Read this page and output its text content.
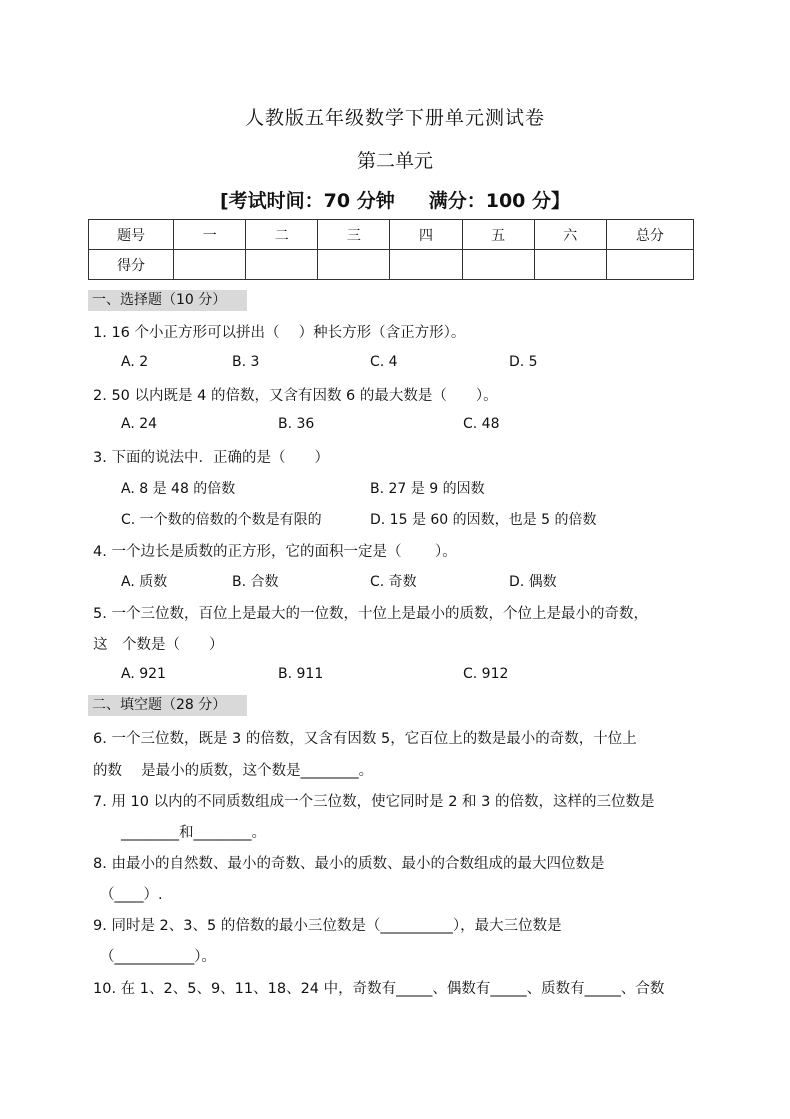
人教版五年级数学下册单元测试卷
第二单元
[考试时间：70 分钟 满分：100 分】
题号	一	二	三	四	五	六	总分
得分							
一、选择题（10 分）
1. 16 个小正方形可以拼出（　 ）种长方形（含正方形）。
A. 2	B. 3	C. 4	D. 5
2. 50 以内既是 4 的倍数，又含有因数 6 的最大数是（　　）。
A. 24	B. 36	C. 48
3. 下面的说法中．正确的是（　　）
A. 8 是 48 的倍数	B. 27 是 9 的因数
C. 一个数的倍数的个数是有限的	D. 15 是 60 的因数，也是 5 的倍数
4. 一个边长是质数的正方形，它的面积一定是（　　 ）。
A. 质数	B. 合数	C. 奇数	D. 偶数
5. 一个三位数，百位上是最大的一位数，十位上是最小的质数，个位上是最小的奇数，
这　个数是（　　）
A. 921	B. 911	C. 912
二、填空题（28 分）
6. 一个三位数，既是 3 的倍数，又含有因数 5，它百位上的数是最小的奇数，十位上
的数　 是最小的质数，这个数是________。
7. 用 10 以内的不同质数组成一个三位数，使它同时是 2 和 3 的倍数，这样的三位数是
________和________。
8. 由最小的自然数、最小的奇数、最小的质数、最小的合数组成的最大四位数是
（____）.
9. 同时是 2、3、5 的倍数的最小三位数是（__________），最大三位数是
（___________）。
10. 在 1、2、5、9、11、18、24 中，奇数有_____、偶数有_____、质数有_____、合数
